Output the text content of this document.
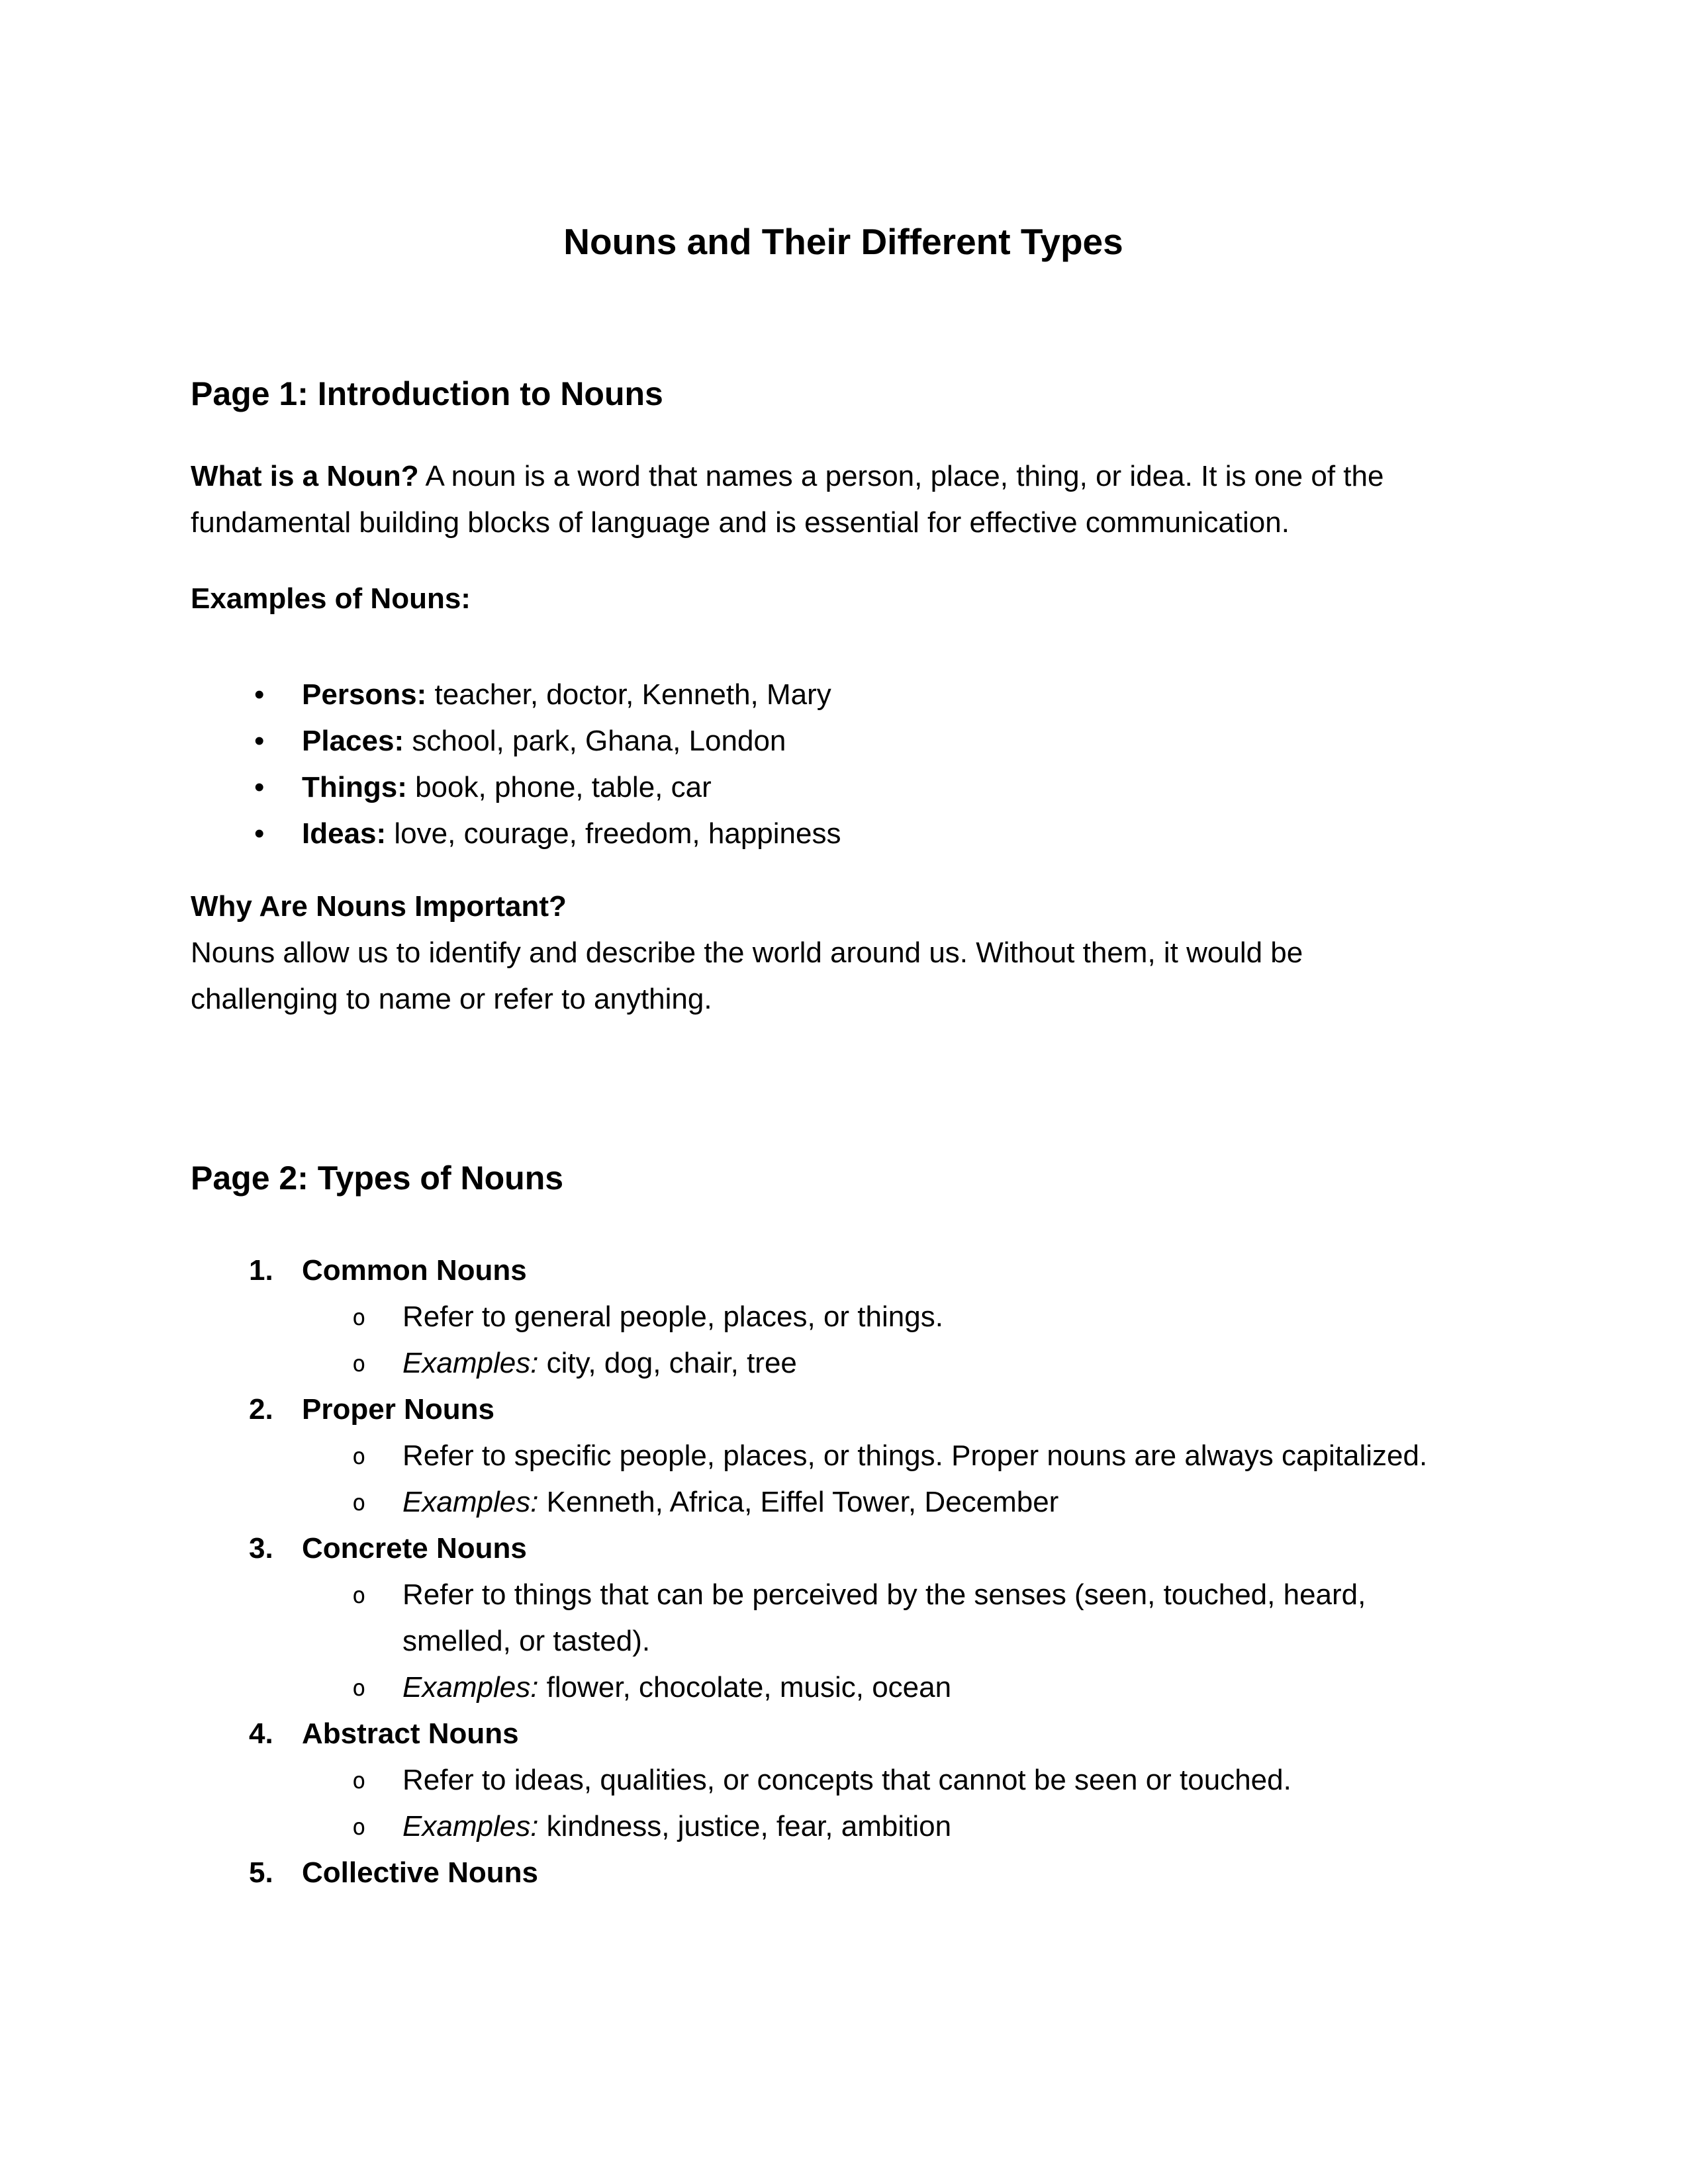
Nouns and Their Different Types
Page 1: Introduction to Nouns

What is a Noun? A noun is a word that names a person, place, thing, or idea. It is one of the fundamental building blocks of language and is essential for effective communication.

Examples of Nouns:

• Persons: teacher, doctor, Kenneth, Mary
• Places: school, park, Ghana, London
• Things: book, phone, table, car
• Ideas: love, courage, freedom, happiness
Why Are Nouns Important?
Nouns allow us to identify and describe the world around us. Without them, it would be challenging to name or refer to anything.
Page 2: Types of Nouns
1. Common Nouns
o Refer to general people, places, or things.
o Examples: city, dog, chair, tree
2. Proper Nouns
o Refer to specific people, places, or things. Proper nouns are always capitalized.
o Examples: Kenneth, Africa, Eiffel Tower, December
3. Concrete Nouns
o Refer to things that can be perceived by the senses (seen, touched, heard, smelled, or tasted).
o Examples: flower, chocolate, music, ocean
4. Abstract Nouns
o Refer to ideas, qualities, or concepts that cannot be seen or touched.
o Examples: kindness, justice, fear, ambition
5. Collective Nouns
